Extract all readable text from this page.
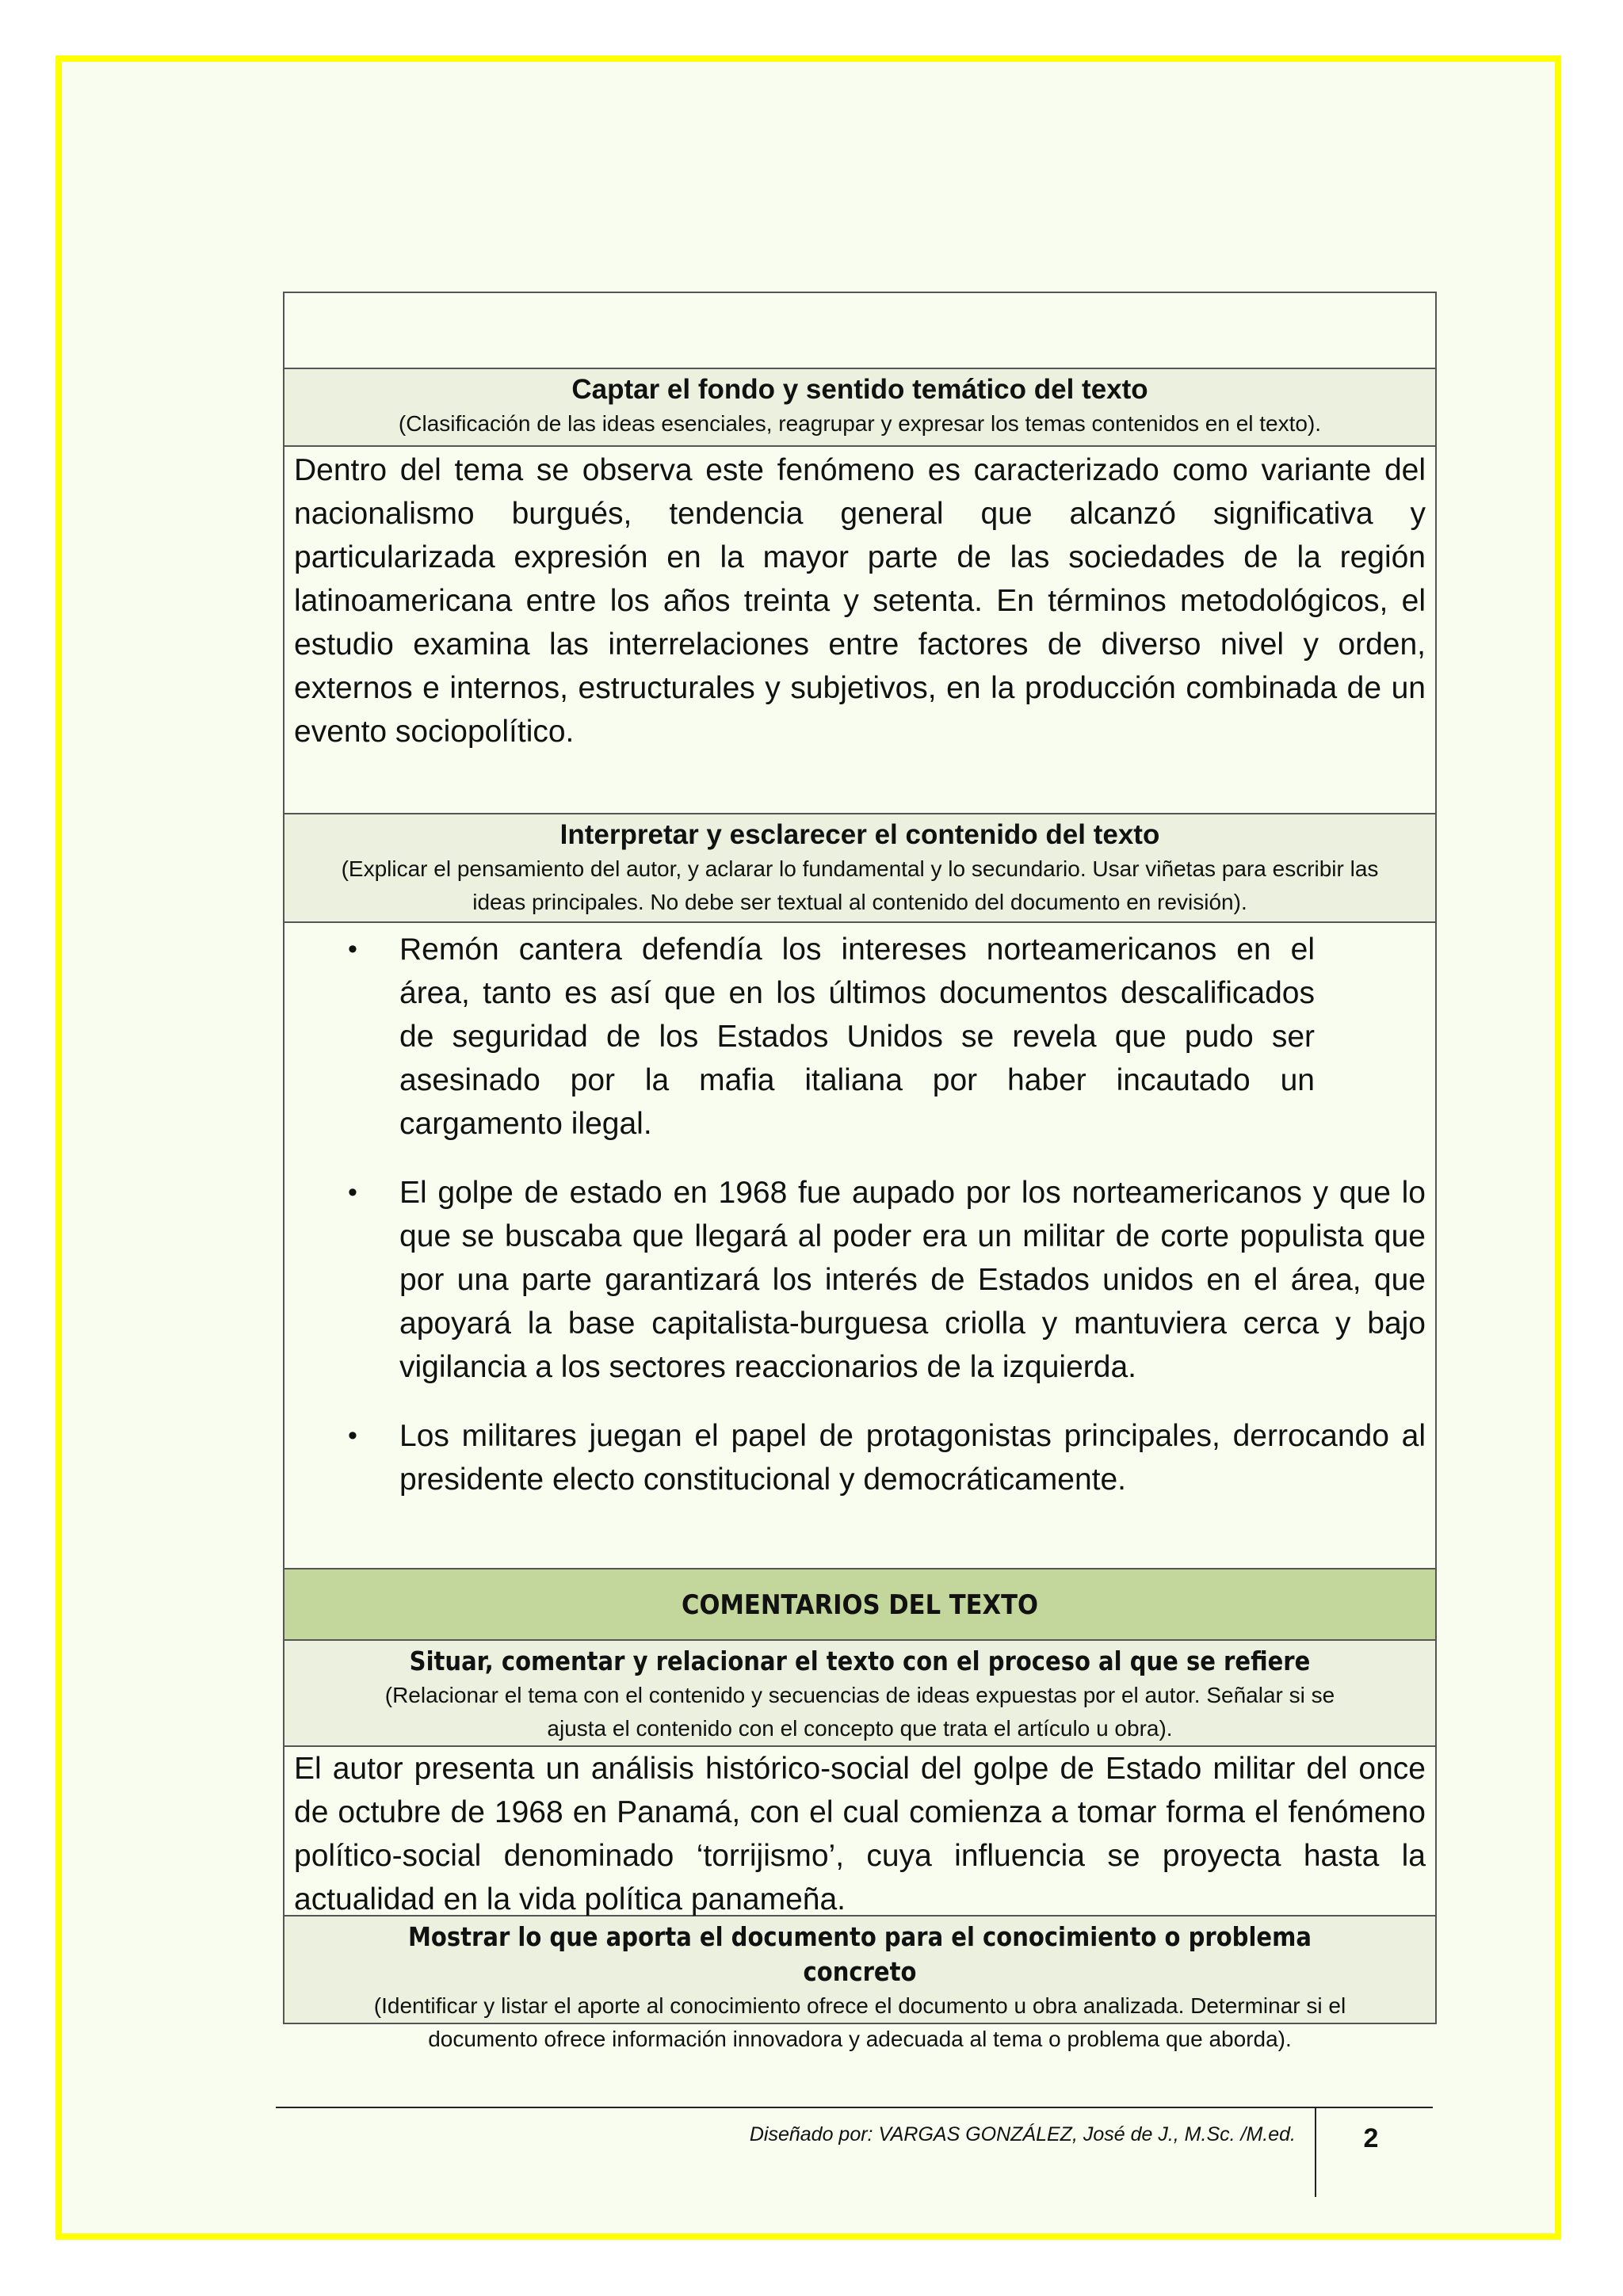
Captar el fondo y sentido temático del texto
(Clasificación de las ideas esenciales, reagrupar y expresar los temas contenidos en el texto).
Dentro del tema se observa este fenómeno es caracterizado como variante del nacionalismo burgués, tendencia general que alcanzó significativa y particularizada expresión en la mayor parte de las sociedades de la región latinoamericana entre los años treinta y setenta. En términos metodológicos, el estudio examina las interrelaciones entre factores de diverso nivel y orden, externos e internos, estructurales y subjetivos, en la producción combinada de un evento sociopolítico.
Interpretar y esclarecer el contenido del texto
(Explicar el pensamiento del autor, y aclarar lo fundamental y lo secundario. Usar viñetas para escribir las ideas principales. No debe ser textual al contenido del documento en revisión).
• Remón cantera defendía los intereses norteamericanos en el área, tanto es así que en los últimos documentos descalificados de seguridad de los Estados Unidos se revela que pudo ser asesinado por la mafia italiana por haber incautado un cargamento ilegal.
• El golpe de estado en 1968 fue aupado por los norteamericanos y que lo que se buscaba que llegará al poder era un militar de corte populista que por una parte garantizará los interés de Estados unidos en el área, que apoyará la base capitalista-burguesa criolla y mantuviera cerca y bajo vigilancia a los sectores reaccionarios de la izquierda.
• Los militares juegan el papel de protagonistas principales, derrocando al presidente electo constitucional y democráticamente.
COMENTARIOS DEL TEXTO
Situar, comentar y relacionar el texto con el proceso al que se refiere
(Relacionar el tema con el contenido y secuencias de ideas expuestas por el autor. Señalar si se ajusta el contenido con el concepto que trata el artículo u obra).
El autor presenta un análisis histórico-social del golpe de Estado militar del once de octubre de 1968 en Panamá, con el cual comienza a tomar forma el fenómeno político-social denominado ‘torrijismo’, cuya influencia se proyecta hasta la actualidad en la vida política panameña.
Mostrar lo que aporta el documento para el conocimiento o problema concreto
(Identificar y listar el aporte al conocimiento ofrece el documento u obra analizada. Determinar si el documento ofrece información innovadora y adecuada al tema o problema que aborda).
Diseñado por: VARGAS GONZÁLEZ, José de J., M.Sc. /M.ed.	2
